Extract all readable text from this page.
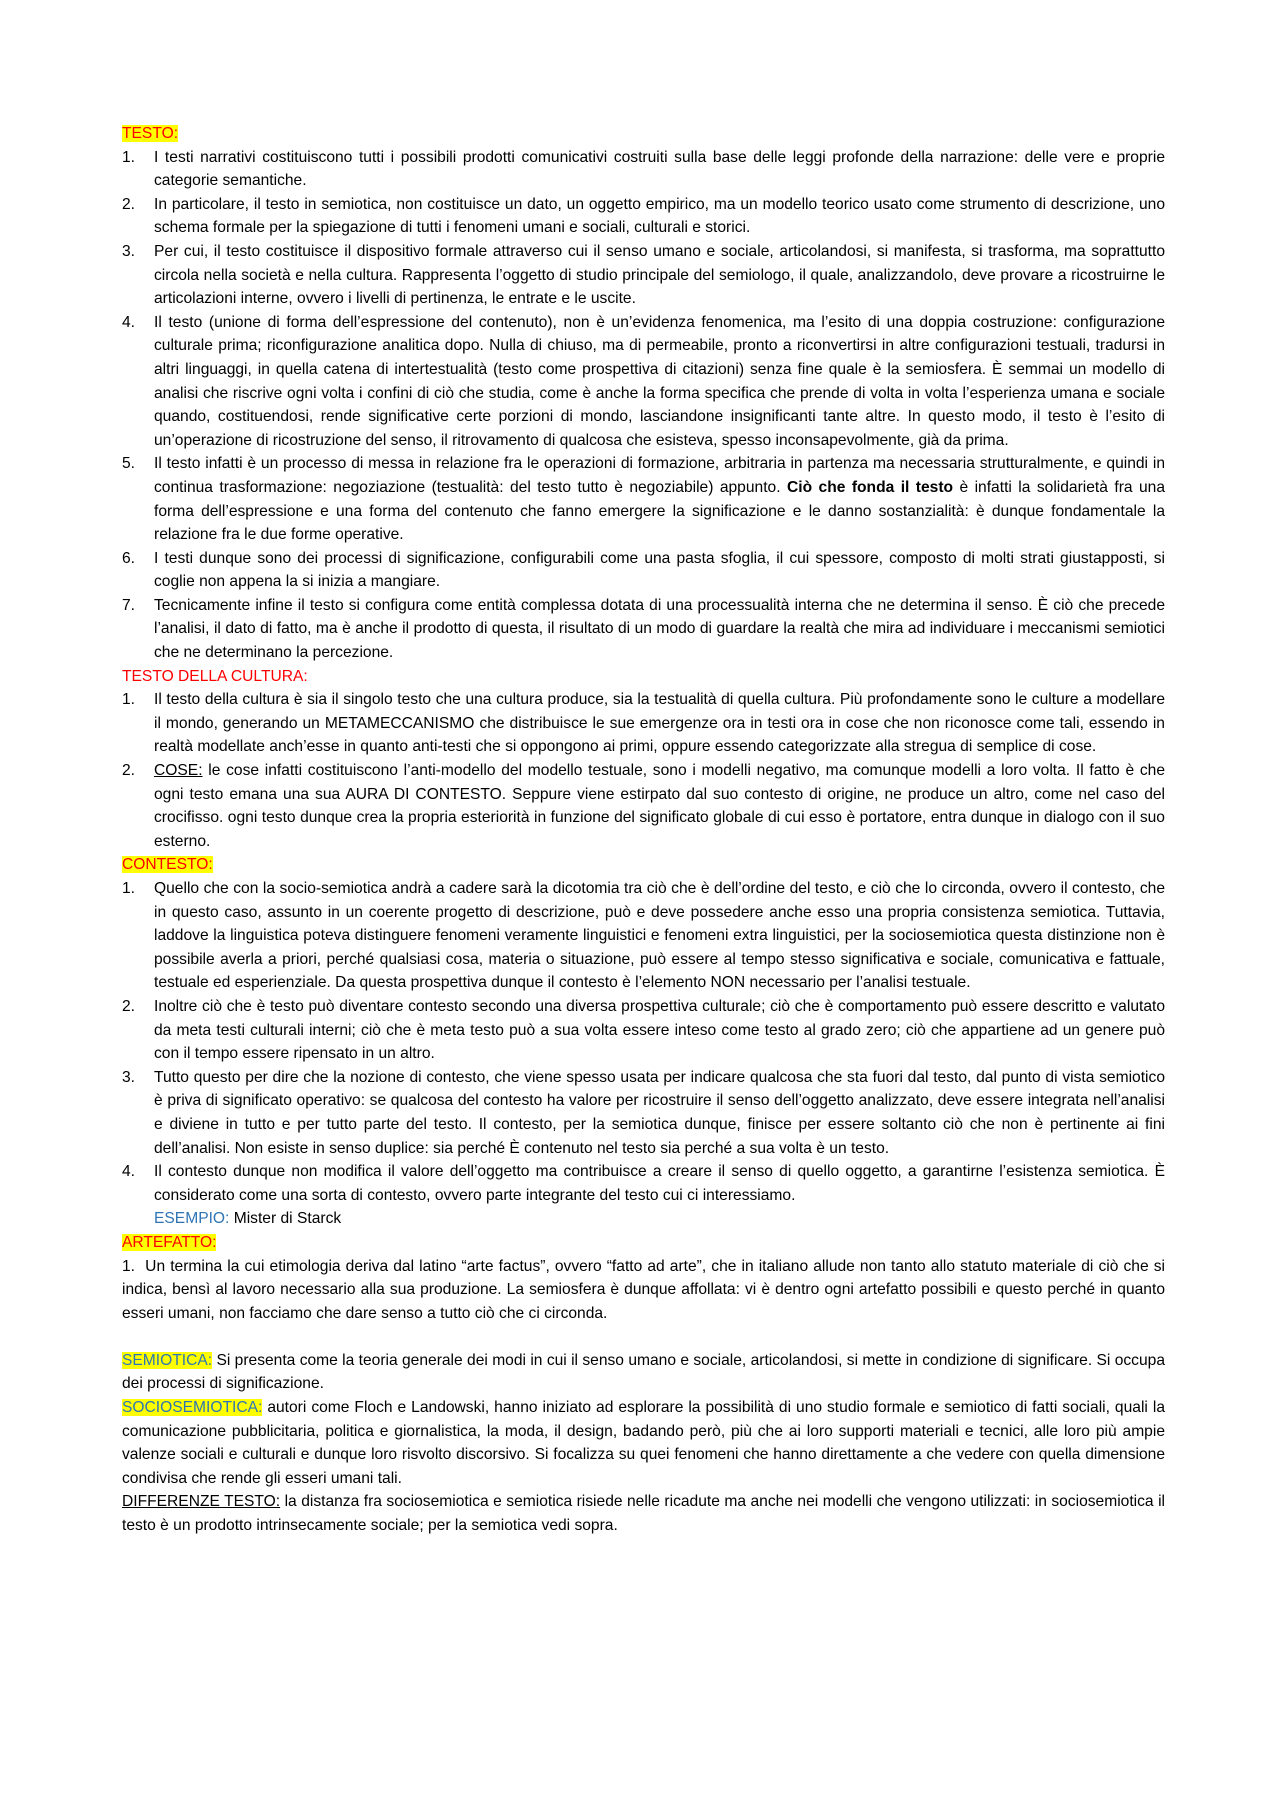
TESTO:
1. I testi narrativi costituiscono tutti i possibili prodotti comunicativi costruiti sulla base delle leggi profonde della narrazione: delle vere e proprie categorie semantiche.
2. In particolare, il testo in semiotica, non costituisce un dato, un oggetto empirico, ma un modello teorico usato come strumento di descrizione, uno schema formale per la spiegazione di tutti i fenomeni umani e sociali, culturali e storici.
3. Per cui, il testo costituisce il dispositivo formale attraverso cui il senso umano e sociale, articolandosi, si manifesta, si trasforma, ma soprattutto circola nella società e nella cultura. Rappresenta l’oggetto di studio principale del semiologo, il quale, analizzandolo, deve provare a ricostruirne le articolazioni interne, ovvero i livelli di pertinenza, le entrate e le uscite.
4. Il testo (unione di forma dell’espressione del contenuto), non è un’evidenza fenomenica, ma l’esito di una doppia costruzione: configurazione culturale prima; riconfigurazione analitica dopo. Nulla di chiuso, ma di permeabile, pronto a riconvertirsi in altre configurazioni testuali, tradursi in altri linguaggi, in quella catena di intertestualità (testo come prospettiva di citazioni) senza fine quale è la semiosfera. È semmai un modello di analisi che riscrive ogni volta i confini di ciò che studia, come è anche la forma specifica che prende di volta in volta l’esperienza umana e sociale quando, costituendosi, rende significative certe porzioni di mondo, lasciandone insignificanti tante altre. In questo modo, il testo è l’esito di un’operazione di ricostruzione del senso, il ritrovamento di qualcosa che esisteva, spesso inconsapevolmente, già da prima.
5. Il testo infatti è un processo di messa in relazione fra le operazioni di formazione, arbitraria in partenza ma necessaria strutturalmente, e quindi in continua trasformazione: negoziazione (testualità: del testo tutto è negoziabile) appunto. Ciò che fonda il testo è infatti la solidarietà fra una forma dell’espressione e una forma del contenuto che fanno emergere la significazione e le danno sostanzialità: è dunque fondamentale la relazione fra le due forme operative.
6. I testi dunque sono dei processi di significazione, configurabili come una pasta sfoglia, il cui spessore, composto di molti strati giustapposti, si coglie non appena la si inizia a mangiare.
7. Tecnicamente infine il testo si configura come entità complessa dotata di una processualità interna che ne determina il senso. È ciò che precede l’analisi, il dato di fatto, ma è anche il prodotto di questa, il risultato di un modo di guardare la realtà che mira ad individuare i meccanismi semiotici che ne determinano la percezione.
TESTO DELLA CULTURA:
1. Il testo della cultura è sia il singolo testo che una cultura produce, sia la testualità di quella cultura. Più profondamente sono le culture a modellare il mondo, generando un METAMECCANISMO che distribuisce le sue emergenze ora in testi ora in cose che non riconosce come tali, essendo in realtà modellate anch’esse in quanto anti-testi che si oppongono ai primi, oppure essendo categorizzate alla stregua di semplice di cose.
2. COSE: le cose infatti costituiscono l’anti-modello del modello testuale, sono i modelli negativo, ma comunque modelli a loro volta. Il fatto è che ogni testo emana una sua AURA DI CONTESTO. Seppure viene estirpato dal suo contesto di origine, ne produce un altro, come nel caso del crocifisso. ogni testo dunque crea la propria esteriorità in funzione del significato globale di cui esso è portatore, entra dunque in dialogo con il suo esterno.
CONTESTO:
1. Quello che con la socio-semiotica andrà a cadere sarà la dicotomia tra ciò che è dell’ordine del testo, e ciò che lo circonda, ovvero il contesto, che in questo caso, assunto in un coerente progetto di descrizione, può e deve possedere anche esso una propria consistenza semiotica. Tuttavia, laddove la linguistica poteva distinguere fenomeni veramente linguistici e fenomeni extra linguistici, per la sociosemiotica questa distinzione non è possibile averla a priori, perché qualsiasi cosa, materia o situazione, può essere al tempo stesso significativa e sociale, comunicativa e fattuale, testuale ed esperienziale. Da questa prospettiva dunque il contesto è l’elemento NON necessario per l’analisi testuale.
2. Inoltre ciò che è testo può diventare contesto secondo una diversa prospettiva culturale; ciò che è comportamento può essere descritto e valutato da meta testi culturali interni; ciò che è meta testo può a sua volta essere inteso come testo al grado zero; ciò che appartiene ad un genere può con il tempo essere ripensato in un altro.
3. Tutto questo per dire che la nozione di contesto, che viene spesso usata per indicare qualcosa che sta fuori dal testo, dal punto di vista semiotico è priva di significato operativo: se qualcosa del contesto ha valore per ricostruire il senso dell’oggetto analizzato, deve essere integrata nell’analisi e diviene in tutto e per tutto parte del testo. Il contesto, per la semiotica dunque, finisce per essere soltanto ciò che non è pertinente ai fini dell’analisi. Non esiste in senso duplice: sia perché È contenuto nel testo sia perché a sua volta è un testo.
4. Il contesto dunque non modifica il valore dell’oggetto ma contribuisce a creare il senso di quello oggetto, a garantirne l’esistenza semiotica. È considerato come una sorta di contesto, ovvero parte integrante del testo cui ci interessiamo.
ESEMPIO: Mister di Starck
ARTEFATTO:
1.  Un termina la cui etimologia deriva dal latino “arte factus”, ovvero “fatto ad arte”, che in italiano allude non tanto allo statuto materiale di ciò che si indica, bensì al lavoro necessario alla sua produzione. La semiosfera è dunque affollata: vi è dentro ogni artefatto possibili e questo perché in quanto esseri umani, non facciamo che dare senso a tutto ciò che ci circonda.
SEMIOTICA: Si presenta come la teoria generale dei modi in cui il senso umano e sociale, articolandosi, si mette in condizione di significare. Si occupa dei processi di significazione.
SOCIOSEMIOTICA: autori come Floch e Landowski, hanno iniziato ad esplorare la possibilità di uno studio formale e semiotico di fatti sociali, quali la comunicazione pubblicitaria, politica e giornalistica, la moda, il design, badando però, più che ai loro supporti materiali e tecnici, alle loro più ampie valenze sociali e culturali e dunque loro risvolto discorsivo. Si focalizza su quei fenomeni che hanno direttamente a che vedere con quella dimensione condivisa che rende gli esseri umani tali.
DIFFERENZE TESTO: la distanza fra sociosemiotica e semiotica risiede nelle ricadute ma anche nei modelli che vengono utilizzati: in sociosemiotica il testo è un prodotto intrinsecamente sociale; per la semiotica vedi sopra.
